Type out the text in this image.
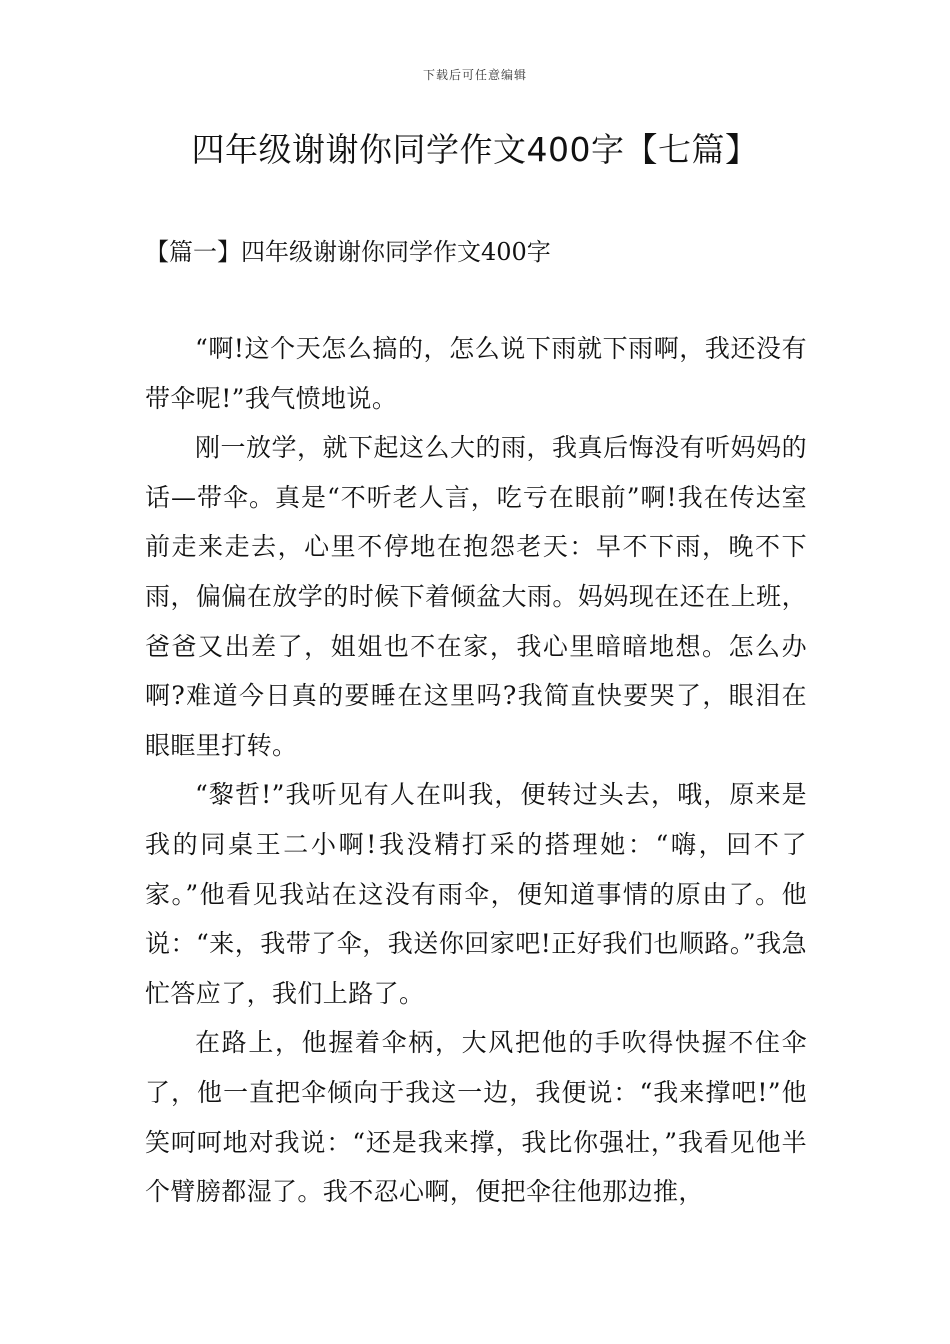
下载后可任意编辑
四年级谢谢你同学作文400字【七篇】
【篇一】四年级谢谢你同学作文400字

“啊!这个天怎么搞的，怎么说下雨就下雨啊，我还没有带伞呢!”我气愤地说。

刚一放学，就下起这么大的雨，我真后悔没有听妈妈的话—带伞。真是“不听老人言，吃亏在眼前”啊!我在传达室前走来走去，心里不停地在抱怨老天：早不下雨，晚不下雨，偏偏在放学的时候下着倾盆大雨。妈妈现在还在上班，爸爸又出差了，姐姐也不在家，我心里暗暗地想。怎么办啊?难道今日真的要睡在这里吗?我简直快要哭了，眼泪在眼眶里打转。

“黎哲!”我听见有人在叫我，便转过头去，哦，原来是我的同桌王二小啊!我没精打采的搭理她：“嗨，回不了家。”他看见我站在这没有雨伞，便知道事情的原由了。他说：“来，我带了伞，我送你回家吧!正好我们也顺路。”我急忙答应了，我们上路了。

在路上，他握着伞柄，大风把他的手吹得快握不住伞了，他一直把伞倾向于我这一边，我便说：“我来撑吧!”他笑呵呵地对我说：“还是我来撑，我比你强壮，”我看见他半个臂膀都湿了。我不忍心啊，便把伞往他那边推，
